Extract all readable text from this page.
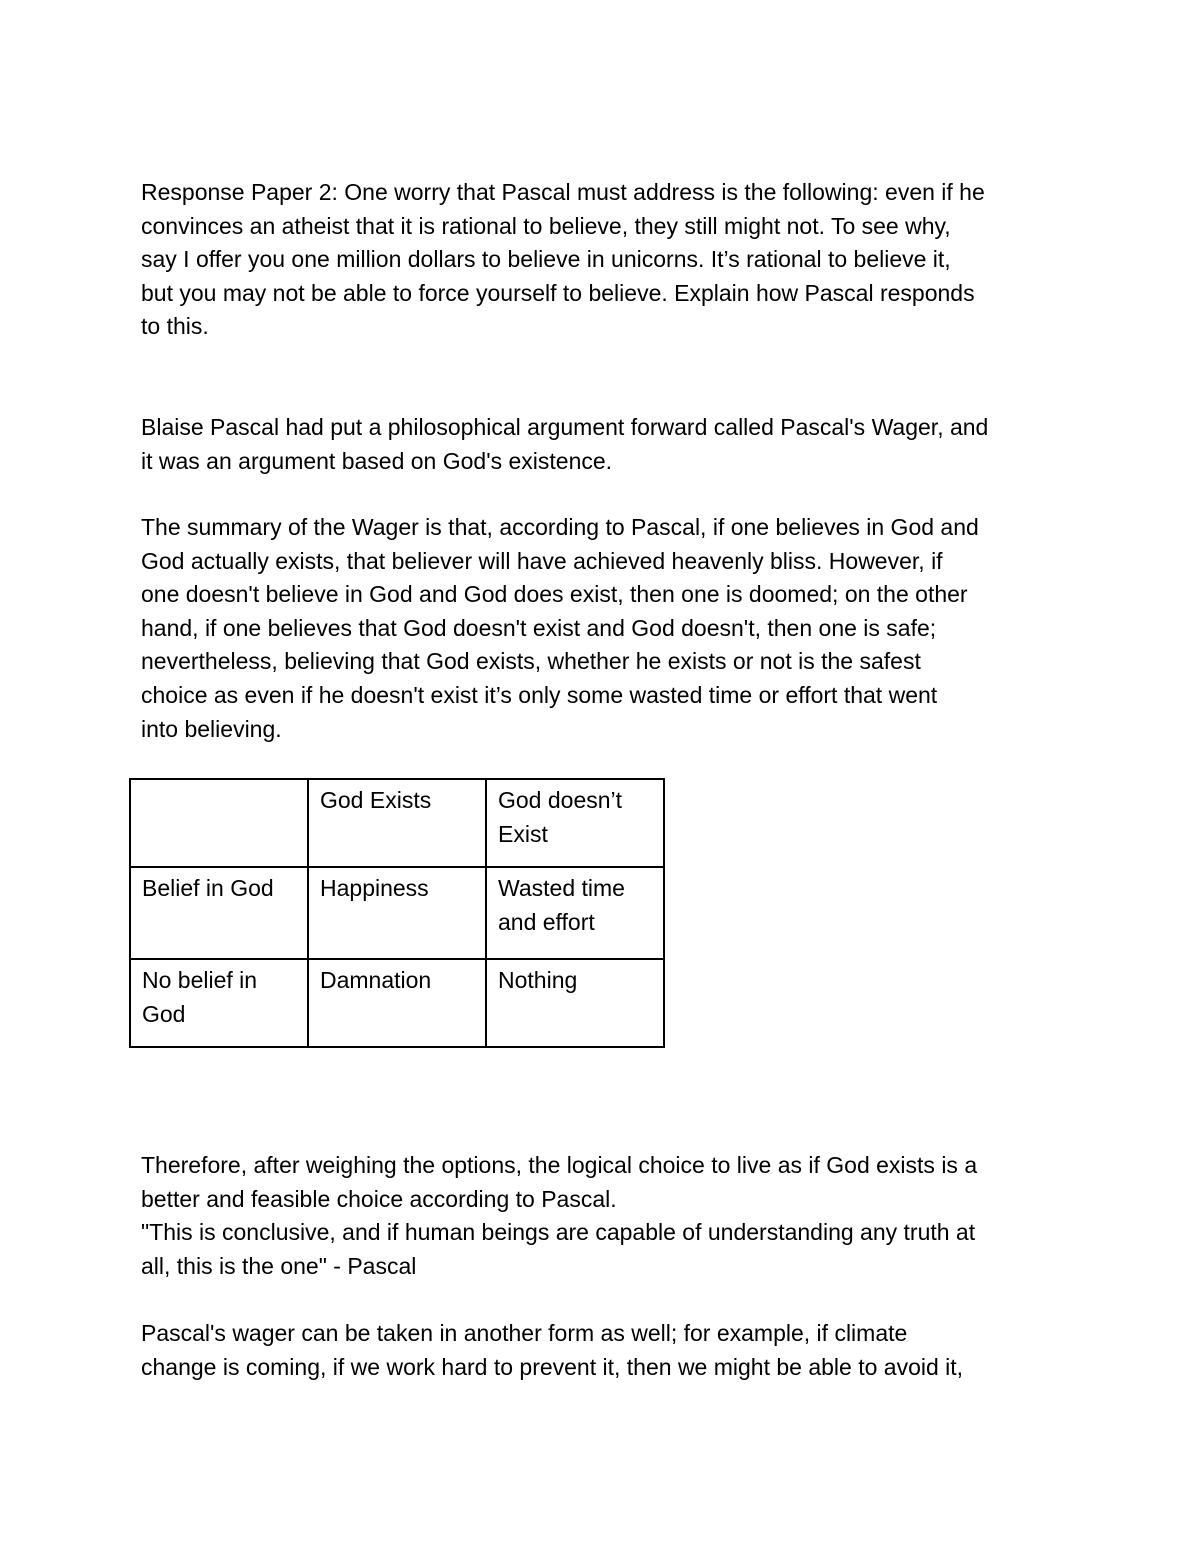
Response Paper 2: One worry that Pascal must address is the following: even if he
convinces an atheist that it is rational to believe, they still might not. To see why,
say I offer you one million dollars to believe in unicorns. It’s rational to believe it,
but you may not be able to force yourself to believe. Explain how Pascal responds
to this.

Blaise Pascal had put a philosophical argument forward called Pascal's Wager, and
it was an argument based on God's existence.

The summary of the Wager is that, according to Pascal, if one believes in God and
God actually exists, that believer will have achieved heavenly bliss. However, if
one doesn't believe in God and God does exist, then one is doomed; on the other
hand, if one believes that God doesn't exist and God doesn't, then one is safe;
nevertheless, believing that God exists, whether he exists or not is the safest
choice as even if he doesn't exist it’s only some wasted time or effort that went
into believing.

	God Exists	God doesn’t Exist

Belief in God	Happiness	Wasted time and effort

No belief in God	Damnation	Nothing

Therefore, after weighing the options, the logical choice to live as if God exists is a
better and feasible choice according to Pascal.

"This is conclusive, and if human beings are capable of understanding any truth at
all, this is the one" - Pascal

Pascal's wager can be taken in another form as well; for example, if climate
change is coming, if we work hard to prevent it, then we might be able to avoid it,
